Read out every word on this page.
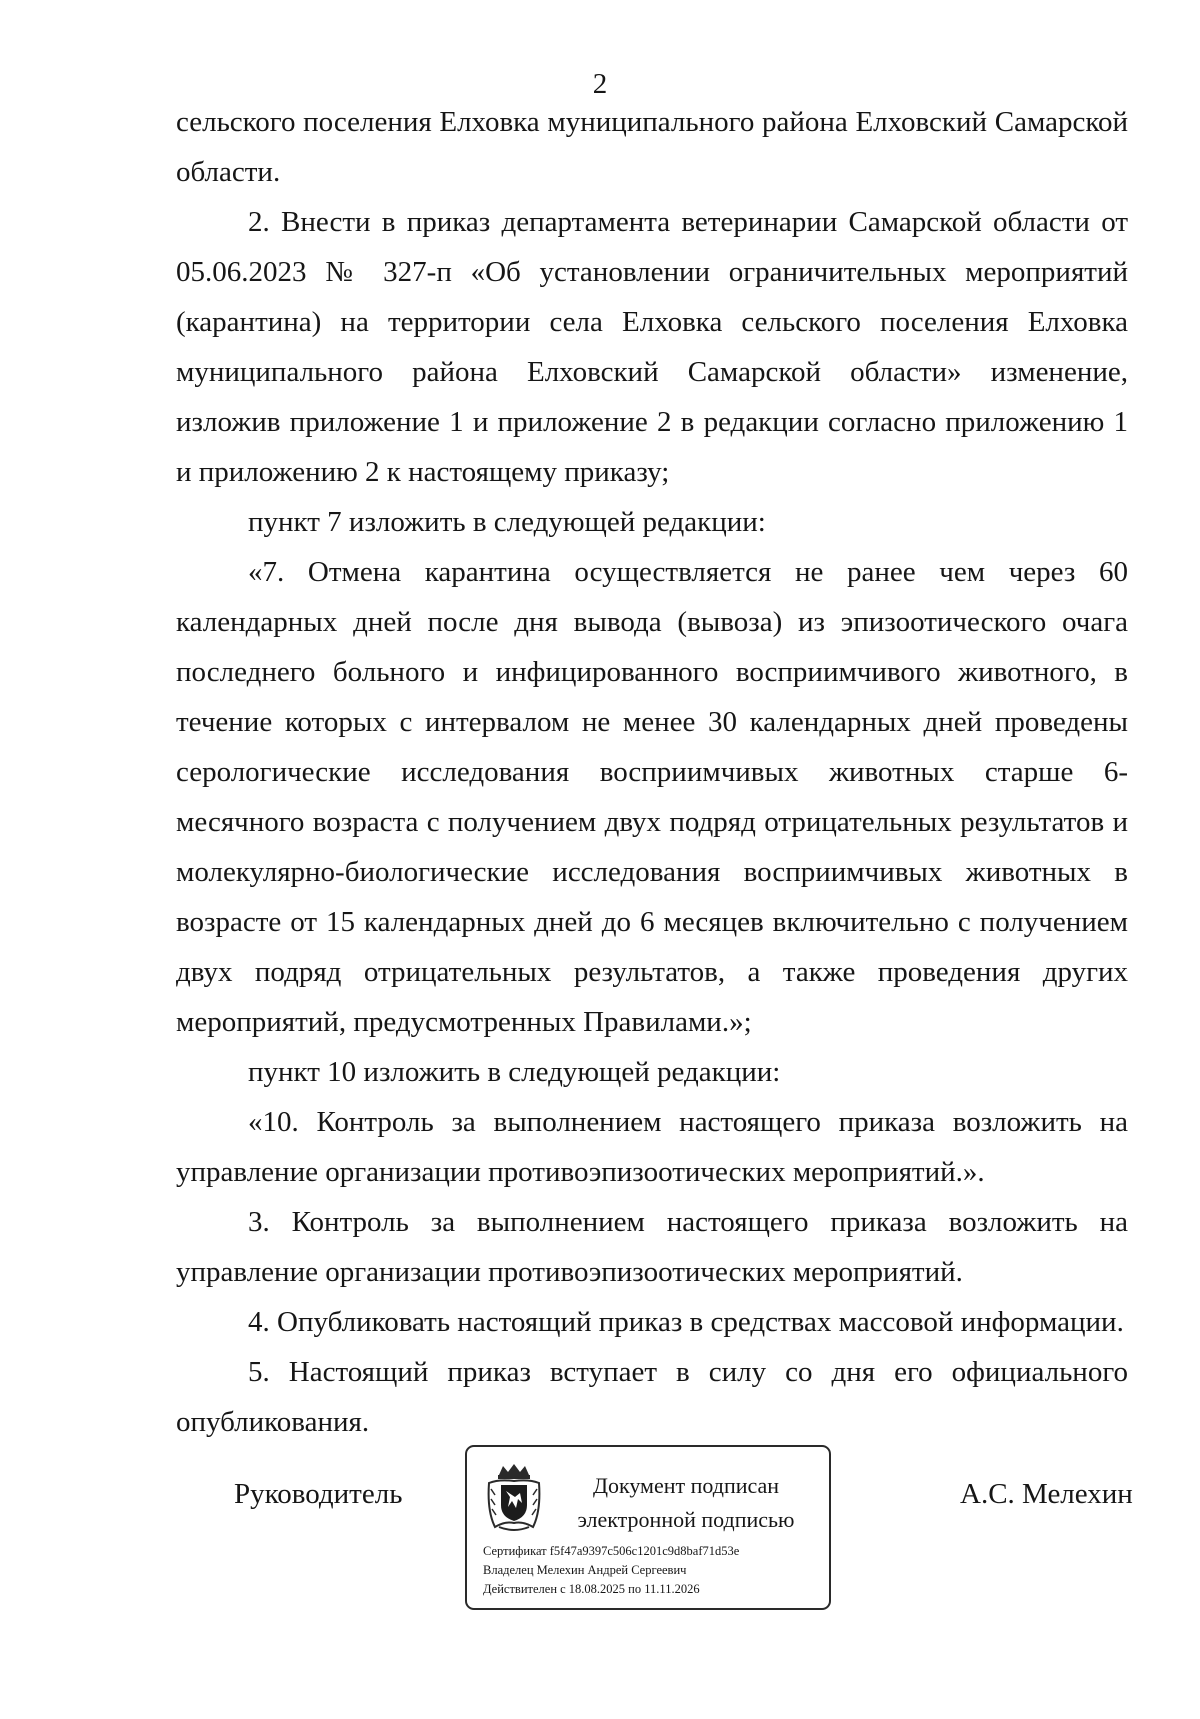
2

сельского поселения Елховка муниципального района Елховский Самарской области.

2. Внести в приказ департамента ветеринарии Самарской области от 05.06.2023 № 327-п «Об установлении ограничительных мероприятий (карантина) на территории села Елховка сельского поселения Елховка муниципального района Елховский Самарской области» изменение, изложив приложение 1 и приложение 2 в редакции согласно приложению 1 и приложению 2 к настоящему приказу;

пункт 7 изложить в следующей редакции:

«7. Отмена карантина осуществляется не ранее чем через 60 календарных дней после дня вывода (вывоза) из эпизоотического очага последнего больного и инфицированного восприимчивого животного, в течение которых с интервалом не менее 30 календарных дней проведены серологические исследования восприимчивых животных старше 6-месячного возраста с получением двух подряд отрицательных результатов и молекулярно-биологические исследования восприимчивых животных в возрасте от 15 календарных дней до 6 месяцев включительно с получением двух подряд отрицательных результатов, а также проведения других мероприятий, предусмотренных Правилами.»;

пункт 10 изложить в следующей редакции:

«10. Контроль за выполнением настоящего приказа возложить на управление организации противоэпизоотических мероприятий.».

3. Контроль за выполнением настоящего приказа возложить на управление организации противоэпизоотических мероприятий.

4. Опубликовать настоящий приказ в средствах массовой информации.

5. Настоящий приказ вступает в силу со дня его официального опубликования.

Руководитель	Документ подписан
электронной подписью
Сертификат f5f47a9397c506c1201c9d8baf71d53e
Владелец Мелехин Андрей Сергеевич
Действителен с 18.08.2025 по 11.11.2026
А.С. Мелехин
